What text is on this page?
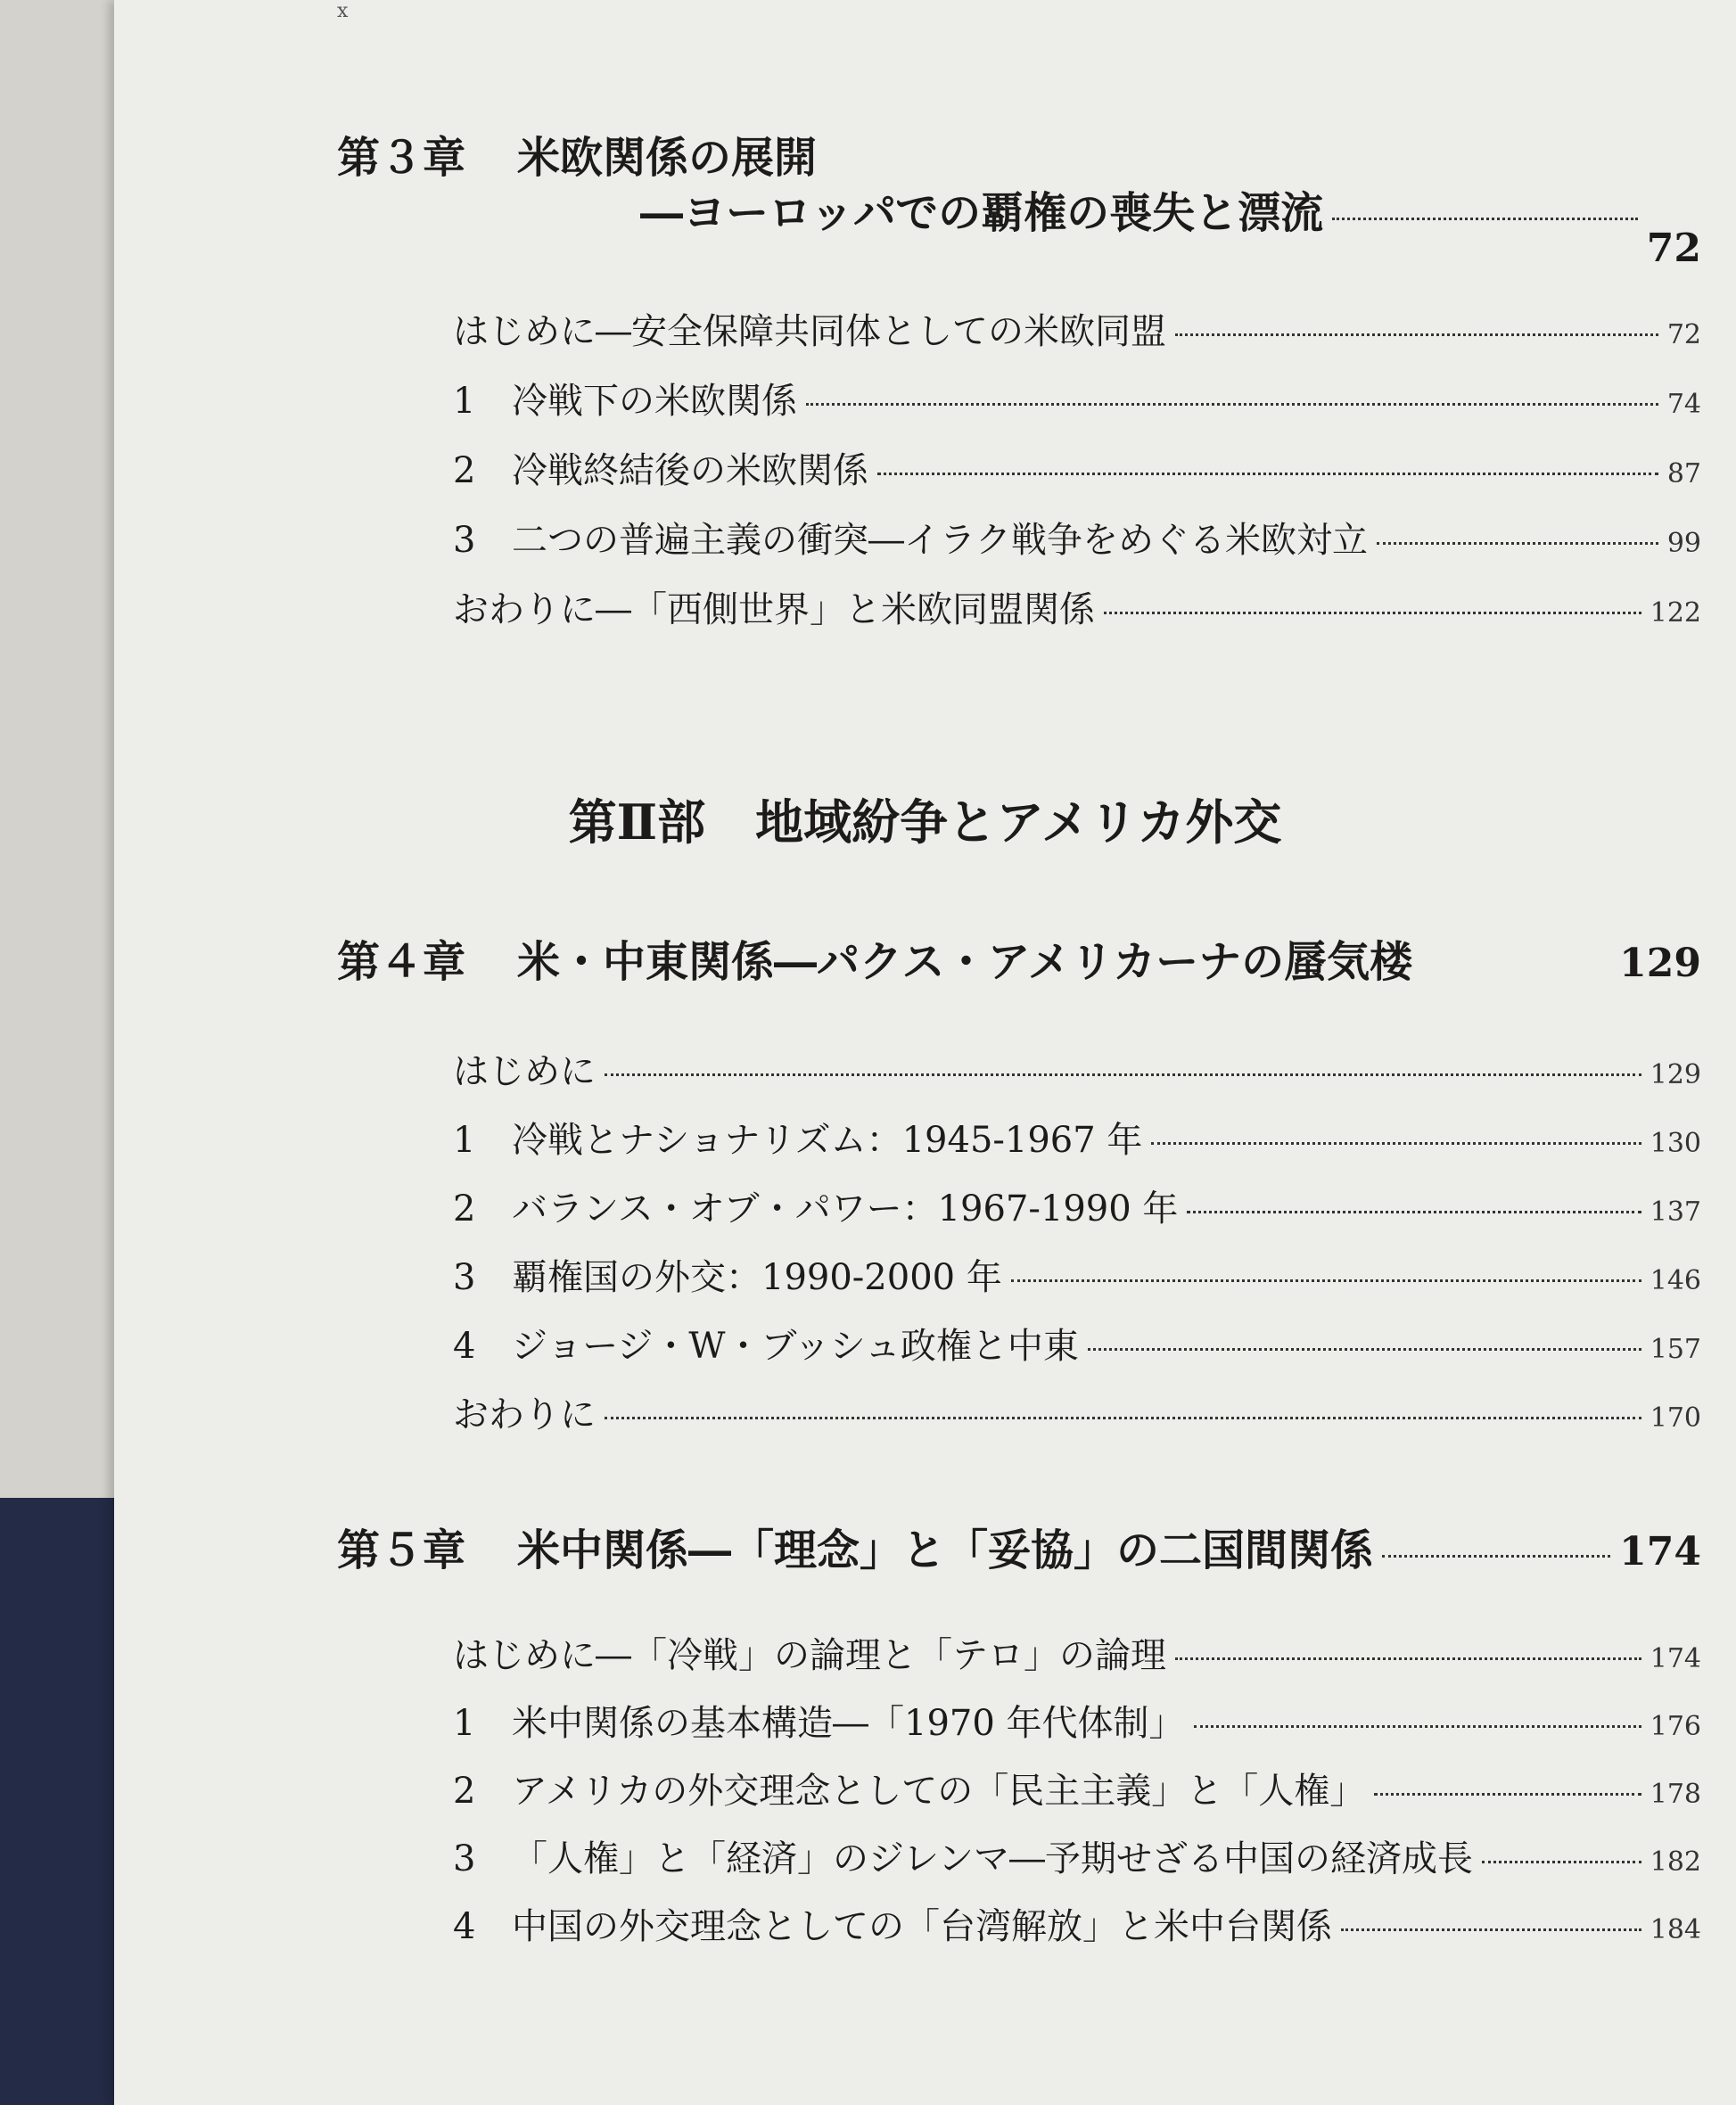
x
第３章 米欧関係の展開
―ヨーロッパでの覇権の喪失と漂流
72
はじめに―安全保障共同体としての米欧同盟	72
1	冷戦下の米欧関係	74
2	冷戦終結後の米欧関係	87
3	二つの普遍主義の衝突―イラク戦争をめぐる米欧対立	99
おわりに―「西側世界」と米欧同盟関係	122
第Ⅱ部 地域紛争とアメリカ外交
第４章 米・中東関係―パクス・アメリカーナの蜃気楼	129
はじめに	129
1	冷戦とナショナリズム：1945‐1967 年	130
2	バランス・オブ・パワー：1967‐1990 年	137
3	覇権国の外交：1990‐2000 年	146
4	ジョージ・W・ブッシュ政権と中東	157
おわりに	170
第５章 米中関係―「理念」と「妥協」の二国間関係	174
はじめに―「冷戦」の論理と「テロ」の論理	174
1	米中関係の基本構造―「1970 年代体制」	176
2	アメリカの外交理念としての「民主主義」と「人権」	178
3	「人権」と「経済」のジレンマ―予期せざる中国の経済成長	182
4	中国の外交理念としての「台湾解放」と米中台関係	184
